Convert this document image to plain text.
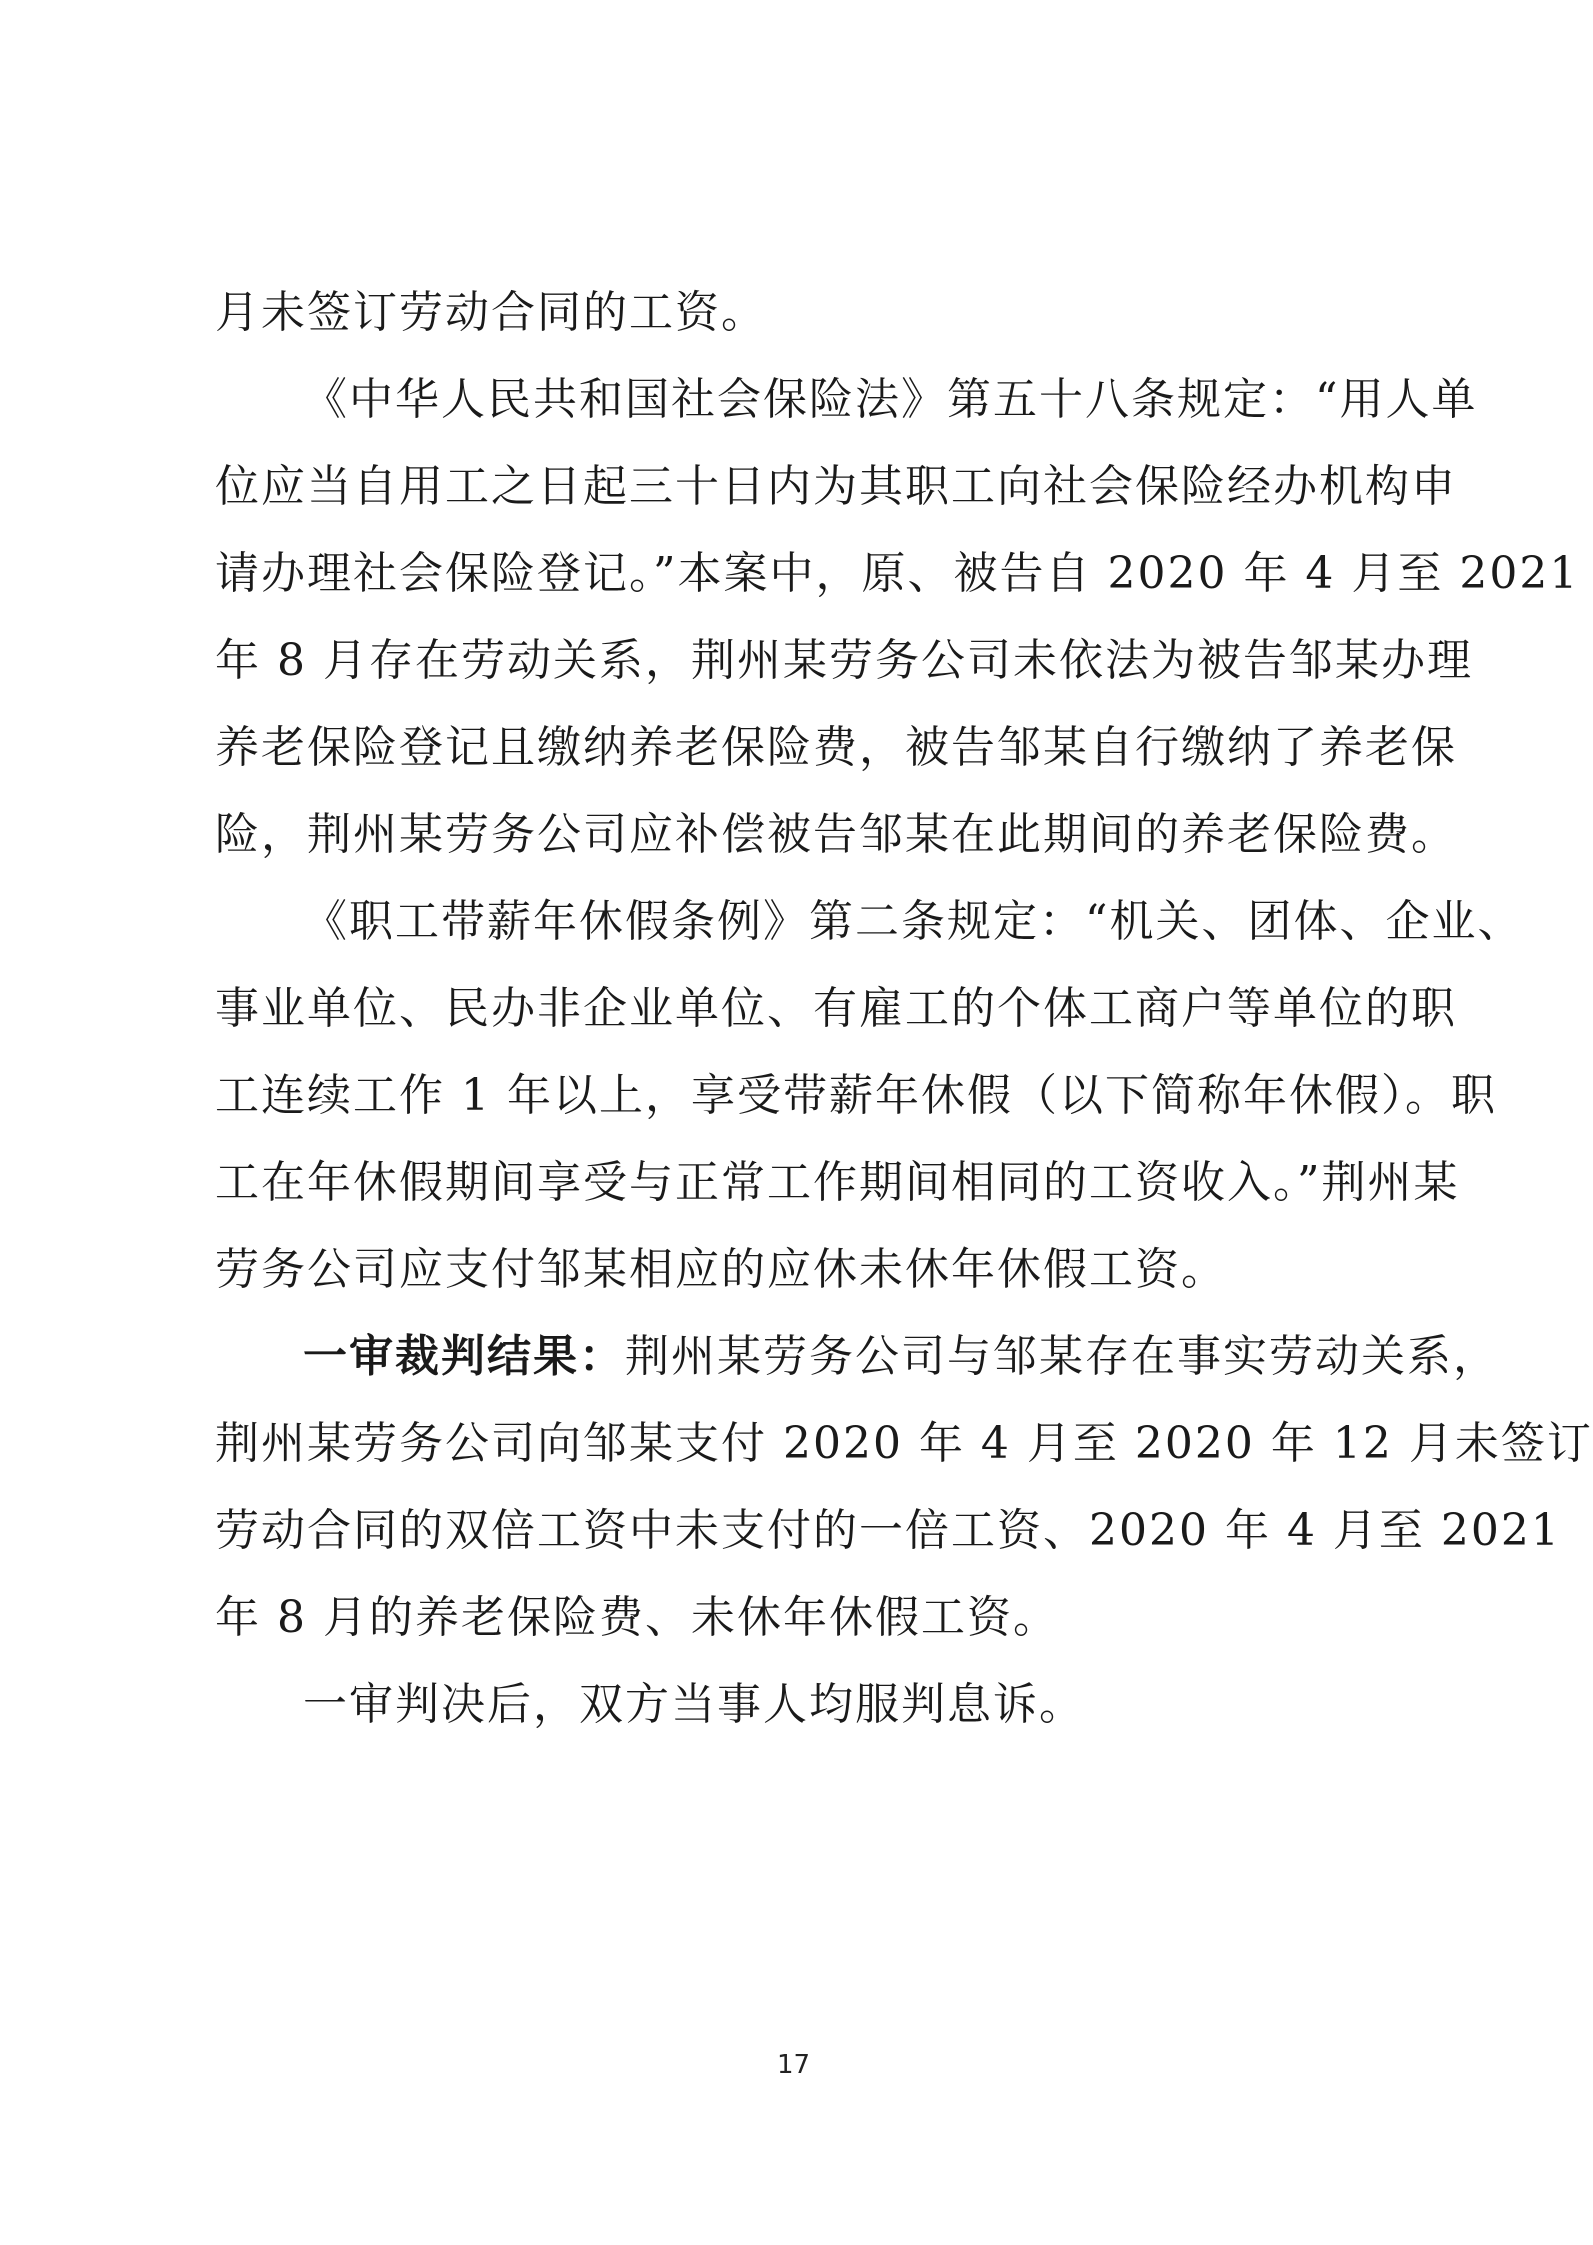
月未签订劳动合同的工资。
《中华人民共和国社会保险法》第五十八条规定：“用人单
位应当自用工之日起三十日内为其职工向社会保险经办机构申
请办理社会保险登记。”本案中，原、被告自 2020 年 4 月至 2021
年 8 月存在劳动关系，荆州某劳务公司未依法为被告邹某办理
养老保险登记且缴纳养老保险费，被告邹某自行缴纳了养老保
险，荆州某劳务公司应补偿被告邹某在此期间的养老保险费。
《职工带薪年休假条例》第二条规定：“机关、团体、企业、
事业单位、民办非企业单位、有雇工的个体工商户等单位的职
工连续工作 1 年以上，享受带薪年休假（以下简称年休假）。职
工在年休假期间享受与正常工作期间相同的工资收入。”荆州某
劳务公司应支付邹某相应的应休未休年休假工资。
一审裁判结果：荆州某劳务公司与邹某存在事实劳动关系，
荆州某劳务公司向邹某支付 2020 年 4 月至 2020 年 12 月未签订
劳动合同的双倍工资中未支付的一倍工资、2020 年 4 月至 2021
年 8 月的养老保险费、未休年休假工资。
一审判决后，双方当事人均服判息诉。
17
